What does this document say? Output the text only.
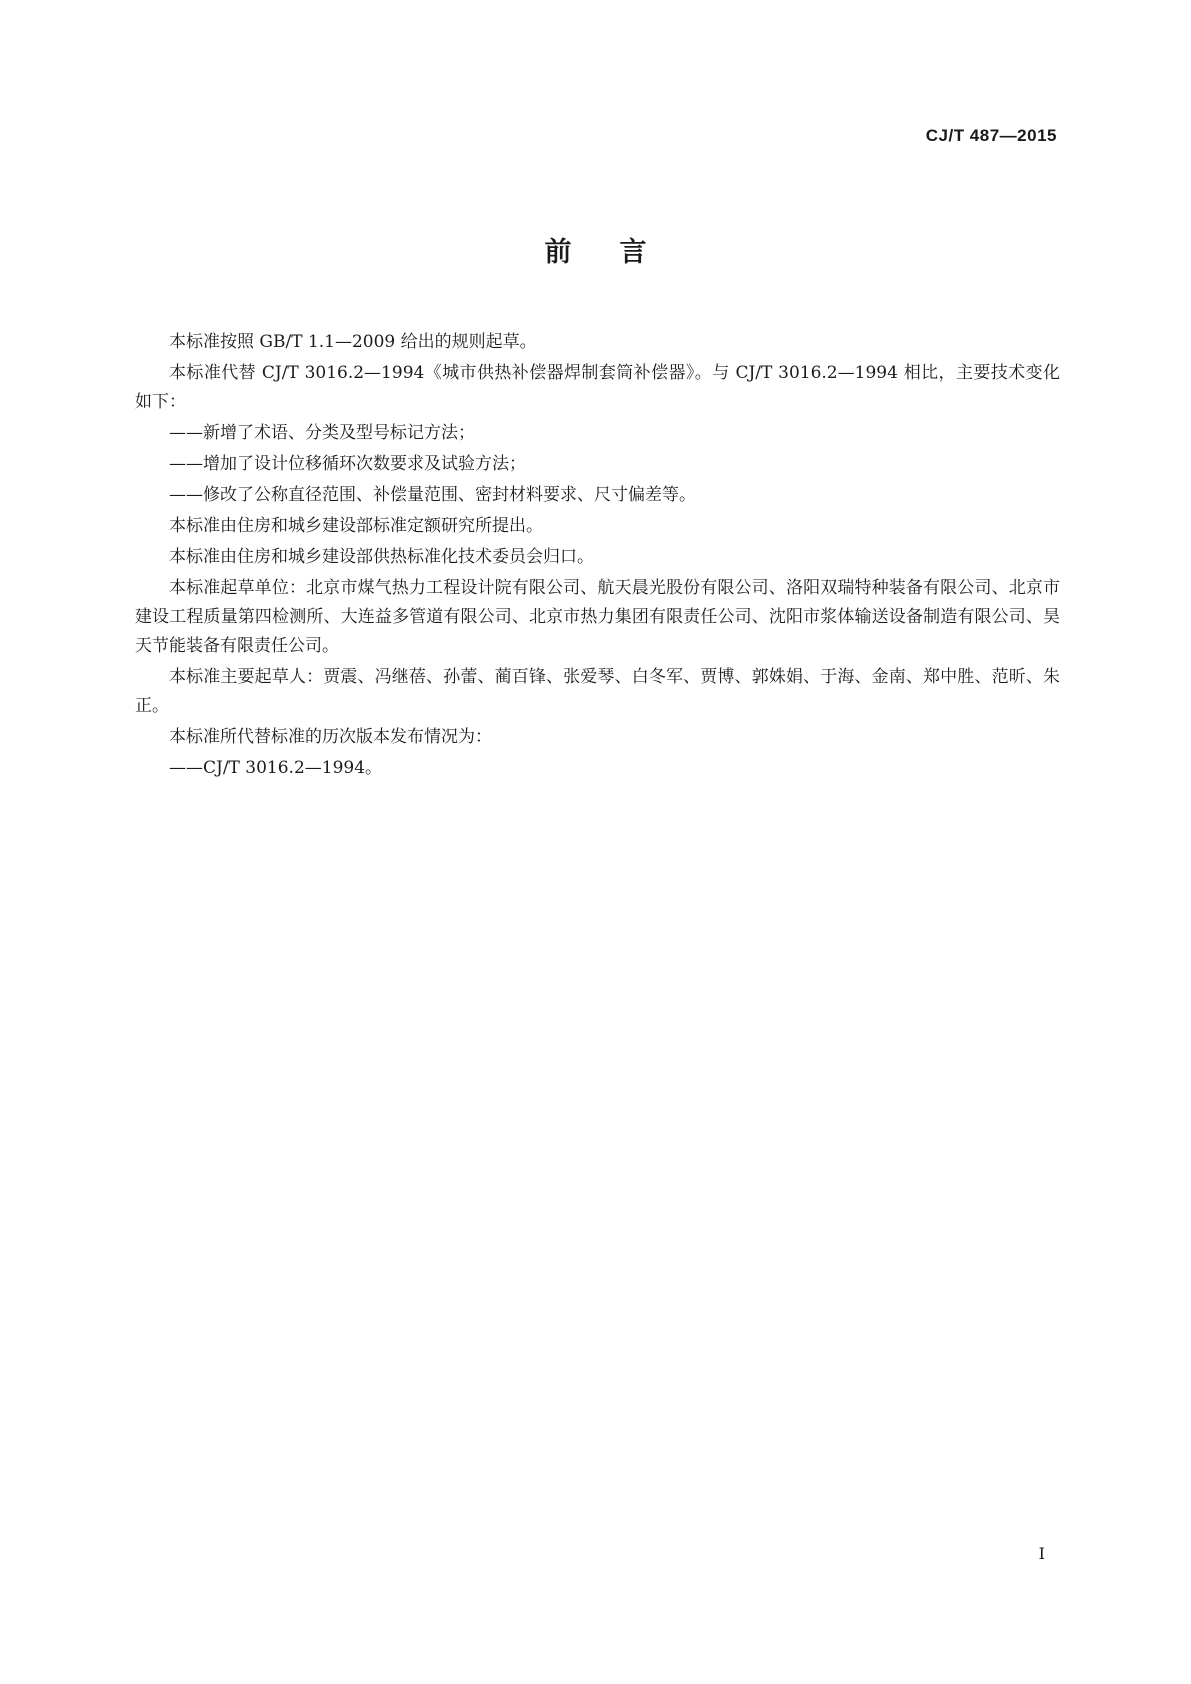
CJ/T 487—2015
前言

本标准按照 GB/T 1.1—2009 给出的规则起草。

本标准代替 CJ/T 3016.2—1994《城市供热补偿器焊制套筒补偿器》。与 CJ/T 3016.2—1994 相比，主要技术变化如下：

——新增了术语、分类及型号标记方法；

——增加了设计位移循环次数要求及试验方法；

——修改了公称直径范围、补偿量范围、密封材料要求、尺寸偏差等。

本标准由住房和城乡建设部标准定额研究所提出。

本标准由住房和城乡建设部供热标准化技术委员会归口。

本标准起草单位：北京市煤气热力工程设计院有限公司、航天晨光股份有限公司、洛阳双瑞特种装备有限公司、北京市建设工程质量第四检测所、大连益多管道有限公司、北京市热力集团有限责任公司、沈阳市浆体输送设备制造有限公司、昊天节能装备有限责任公司。

本标准主要起草人：贾震、冯继蓓、孙蕾、蔺百锋、张爱琴、白冬军、贾博、郭姝娟、于海、金南、郑中胜、范昕、朱正。

本标准所代替标准的历次版本发布情况为：

——CJ/T 3016.2—1994。

I
